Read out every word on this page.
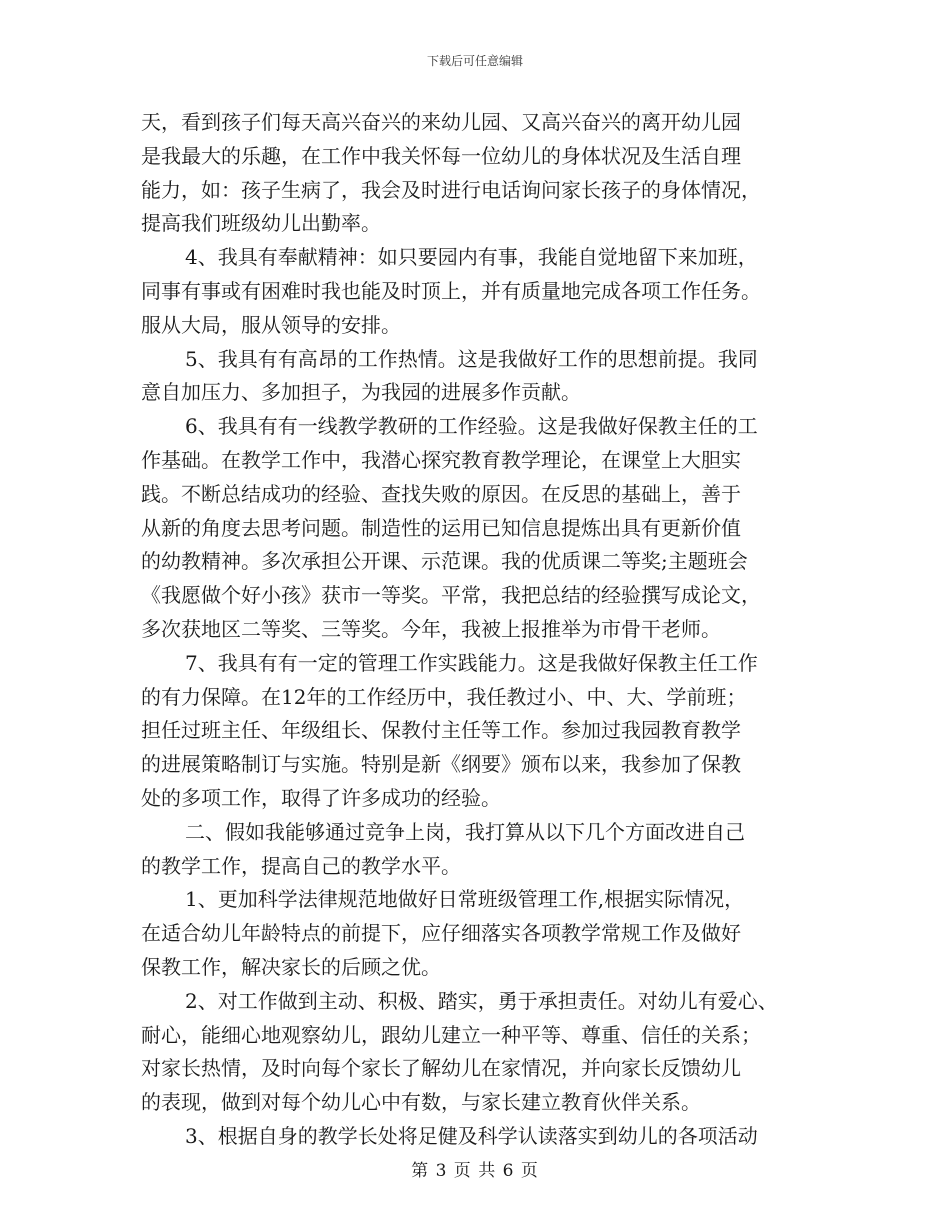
下载后可任意编辑
天，看到孩子们每天高兴奋兴的来幼儿园、又高兴奋兴的离开幼儿园
是我最大的乐趣，在工作中我关怀每一位幼儿的身体状况及生活自理
能力，如：孩子生病了，我会及时进行电话询问家长孩子的身体情况，
提高我们班级幼儿出勤率。
4、我具有奉献精神：如只要园内有事，我能自觉地留下来加班，
同事有事或有困难时我也能及时顶上，并有质量地完成各项工作任务。
服从大局，服从领导的安排。
5、我具有有高昂的工作热情。这是我做好工作的思想前提。我同
意自加压力、多加担子，为我园的进展多作贡献。
6、我具有有一线教学教研的工作经验。这是我做好保教主任的工
作基础。在教学工作中，我潜心探究教育教学理论，在课堂上大胆实
践。不断总结成功的经验、查找失败的原因。在反思的基础上，善于
从新的角度去思考问题。制造性的运用已知信息提炼出具有更新价值
的幼教精神。多次承担公开课、示范课。我的优质课二等奖;主题班会
《我愿做个好小孩》获市一等奖。平常，我把总结的经验撰写成论文，
多次获地区二等奖、三等奖。今年，我被上报推举为市骨干老师。
7、我具有有一定的管理工作实践能力。这是我做好保教主任工作
的有力保障。在12年的工作经历中，我任教过小、中、大、学前班；
担任过班主任、年级组长、保教付主任等工作。参加过我园教育教学
的进展策略制订与实施。特别是新《纲要》颁布以来，我参加了保教
处的多项工作，取得了许多成功的经验。
二、假如我能够通过竞争上岗，我打算从以下几个方面改进自己
的教学工作，提高自己的教学水平。
1、更加科学法律规范地做好日常班级管理工作,根据实际情况，
在适合幼儿年龄特点的前提下，应仔细落实各项教学常规工作及做好
保教工作，解决家长的后顾之优。
2、对工作做到主动、积极、踏实，勇于承担责任。对幼儿有爱心、
耐心，能细心地观察幼儿，跟幼儿建立一种平等、尊重、信任的关系；
对家长热情，及时向每个家长了解幼儿在家情况，并向家长反馈幼儿
的表现，做到对每个幼儿心中有数，与家长建立教育伙伴关系。
3、根据自身的教学长处将足健及科学认读落实到幼儿的各项活动
第 3 页 共 6 页
